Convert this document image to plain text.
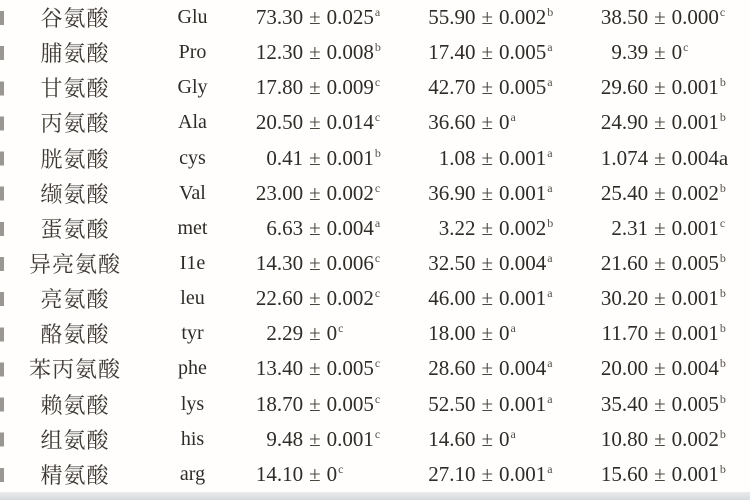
谷氨酸	Glu	73.30 ± 0.025$^a$	55.90 ± 0.002$^b$	38.50 ± 0.000$^c$
脯氨酸	Pro	12.30 ± 0.008$^b$	17.40 ± 0.005$^a$	$9.39 \pm 0^c$
甘氨酸	Gly	17.80 ± 0.009$^c$	42.70 ± 0.005$^a$	29.60 ± 0.001$^b$
丙氨酸	Ala	20.50 ± 0.014$^c$	$36.60 \pm 0^a$	24.90 ± 0.001$^b$
胱氨酸	cys	0.41 ± 0.001$^b$	1.08 ± 0.001$^a$	1.074 ± 0.004a
缬氨酸	Val	23.00 ± 0.002$^c$	36.90 ± 0.001$^a$	25.40 ± 0.002$^b$
蛋氨酸	met	6.63 ± 0.004$^a$	3.22 ± 0.002$^b$	2.31 ± 0.001$^c$
异亮氨酸	I1e	14.30 ± 0.006$^c$	32.50 ± 0.004$^a$	21.60 ± 0.005$^b$
亮氨酸	leu	22.60 ± 0.002$^c$	46.00 ± 0.001$^a$	30.20 ± 0.001$^b$
酪氨酸	tyr	$2.29 \pm 0^c$	$18.00 \pm 0^a$	11.70 ± 0.001$^b$
苯丙氨酸	phe	13.40 ± 0.005$^c$	28.60 ± 0.004$^a$	20.00 ± 0.004$^b$
赖氨酸	lys	18.70 ± 0.005$^c$	52.50 ± 0.001$^a$	35.40 ± 0.005$^b$
组氨酸	his	9.48 ± 0.001$^c$	$14.60 \pm 0^a$	10.80 ± 0.002$^b$
精氨酸	arg	$14.10 \pm 0^c$	27.10 ± 0.001$^a$	15.60 ± 0.001$^b$
